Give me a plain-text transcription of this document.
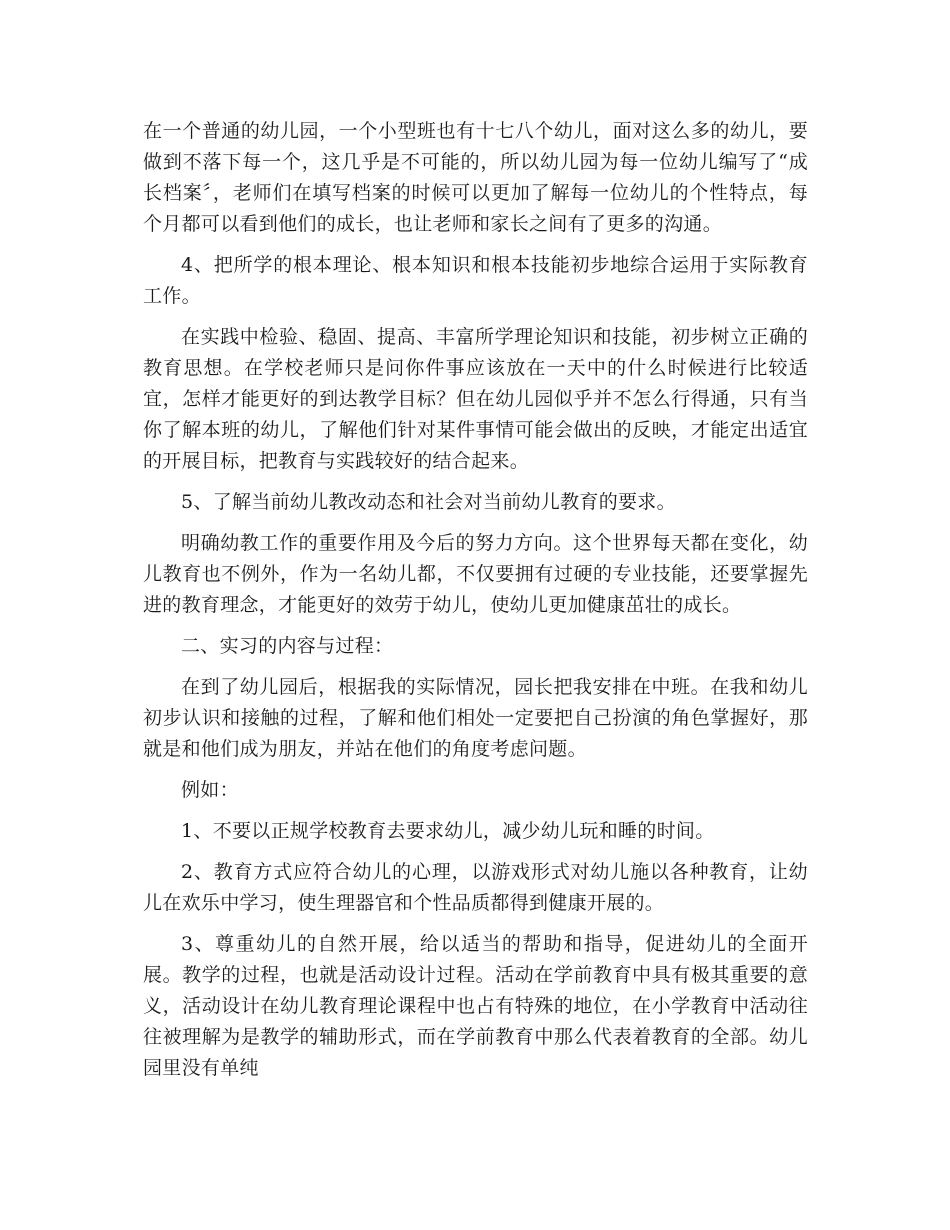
在一个普通的幼儿园，一个小型班也有十七八个幼儿，面对这么多的幼儿，要做到不落下每一个，这几乎是不可能的，所以幼儿园为每一位幼儿编写了“成长档案〞，老师们在填写档案的时候可以更加了解每一位幼儿的个性特点，每个月都可以看到他们的成长，也让老师和家长之间有了更多的沟通。

4、把所学的根本理论、根本知识和根本技能初步地综合运用于实际教育工作。

在实践中检验、稳固、提高、丰富所学理论知识和技能，初步树立正确的教育思想。在学校老师只是问你件事应该放在一天中的什么时候进行比较适宜，怎样才能更好的到达教学目标？但在幼儿园似乎并不怎么行得通，只有当你了解本班的幼儿，了解他们针对某件事情可能会做出的反映，才能定出适宜的开展目标，把教育与实践较好的结合起来。

5、了解当前幼儿教改动态和社会对当前幼儿教育的要求。

明确幼教工作的重要作用及今后的努力方向。这个世界每天都在变化，幼儿教育也不例外，作为一名幼儿都，不仅要拥有过硬的专业技能，还要掌握先进的教育理念，才能更好的效劳于幼儿，使幼儿更加健康茁壮的成长。

二、实习的内容与过程：

在到了幼儿园后，根据我的实际情况，园长把我安排在中班。在我和幼儿初步认识和接触的过程，了解和他们相处一定要把自己扮演的角色掌握好，那就是和他们成为朋友，并站在他们的角度考虑问题。

例如：

1、不要以正规学校教育去要求幼儿，减少幼儿玩和睡的时间。

2、教育方式应符合幼儿的心理，以游戏形式对幼儿施以各种教育，让幼儿在欢乐中学习，使生理器官和个性品质都得到健康开展的。

3、尊重幼儿的自然开展，给以适当的帮助和指导，促进幼儿的全面开展。教学的过程，也就是活动设计过程。活动在学前教育中具有极其重要的意义，活动设计在幼儿教育理论课程中也占有特殊的地位，在小学教育中活动往往被理解为是教学的辅助形式，而在学前教育中那么代表着教育的全部。幼儿园里没有单纯
